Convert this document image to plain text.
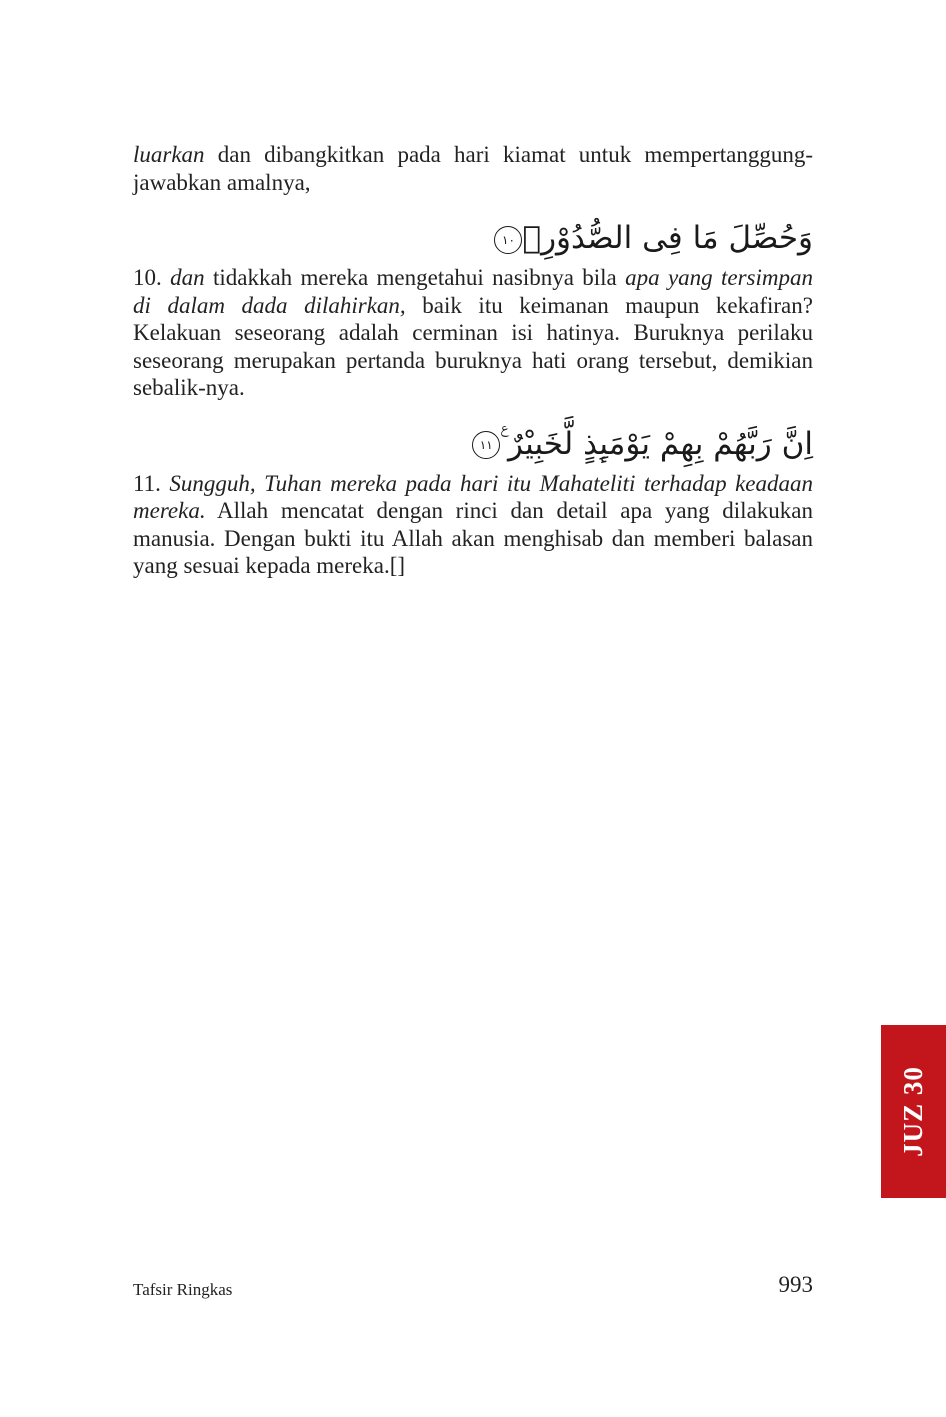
luarkan dan dibangkitkan pada hari kiamat untuk mempertanggung-jawabkan amalnya,

وَحُصِّلَ مَا فِى الصُّدُوْرِۙ١٠

10. dan tidakkah mereka mengetahui nasibnya bila apa yang tersimpan di dalam dada dilahirkan, baik itu keimanan maupun kekafiran? Kelakuan seseorang adalah cerminan isi hatinya. Buruknya perilaku seseorang merupakan pertanda buruknya hati orang tersebut, demikian sebalik-nya.

اِنَّ رَبَّهُمْ بِهِمْ يَوْمَىِٕذٍ لَّخَبِيْرٌ ࣖ١١

11. Sungguh, Tuhan mereka pada hari itu Mahateliti terhadap keadaan mereka. Allah mencatat dengan rinci dan detail apa yang dilakukan manusia. Dengan bukti itu Allah akan menghisab dan memberi balasan yang sesuai kepada mereka.[]

JUZ 30
Tafsir Ringkas	993
